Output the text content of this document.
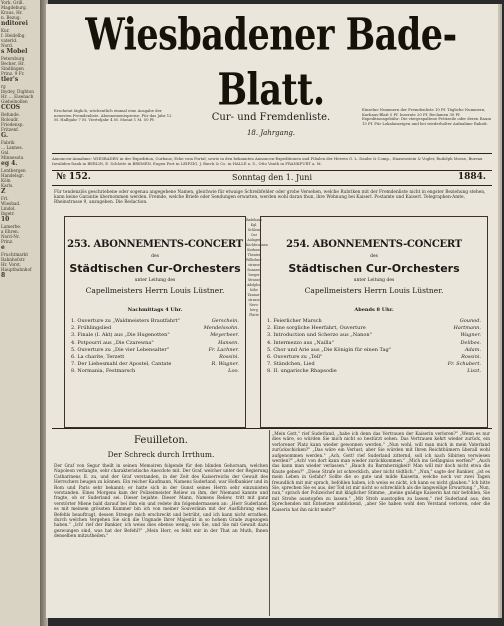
York. Grill.
Magdeburg.
Kraus. Hr.
n. Bezug.
nditorei
Kur.
f. Heidelbg.
vaterld.
Nord.
s Mobel
Petersburg
Becker, Hr.
Sindlingen
Prinz. 9 Fr.
tler's
rg
lbydey, Dighton
Hr. ... Eisenach
Giebelnollen
CCOS
Befunde.
Roloudr.
Friedensp.
Fritzenf.
G.
Fabrik
... Lannes.
Gnl.
Minnesota
eg 4.
Lontbergen
Handelsgr.
Köln
Karls.
Z
Frl.
Wiesbad.
Lindol.
lbgetr.
10
Lamerbe.
a Ehren.
Nord-Nr.
Prinz.
e
Fruchtmarkt
Bahnhofstr.
Hr. Vorst.
Hauptbahnhof
8
Wiesbadener Bade-Blatt.
Erscheint täglich, wöchentlich einmal eine Ausgabe der neuesten Fremdenliste. Abonnementspreise: Für das Jahr 12 M. Halbjahr 7 M. Vierteljahr 4 M. Monat 1 M. 50 Pf.	Cur- und Fremdenliste.
18. Jahrgang.
Einzelne Nummern der Fremdenliste 10 Pf. Tägliche Nummern, Kurhaus-Blatt 5 Pf. Inserate 20 Pf. Reclamen 30 Pf. Expeditionsgebühr: Die viergespaltene Petitzeile oder deren Raum 15 Pf. Für Lokalanzeigen und bei wiederholter Aufnahme Rabatt.
Annoncen-Annahme: WIESBADEN in der Expedition, Curhaus; Ecke vom Portal; sowie in den bekannten Annoncen-Expeditionen und Filialen der Herren G. L. Daube & Comp., Haasenstein & Vogler, Rudolph Mosse, Bureau Invaliden-Dank in BERLIN, E. Schlotte in BREMEN, Eugen Fort in LEIPZIG, J. Barck & Co. in HALLE a. S., Otto Vauth in FRANKFURT a. M.
№ 152.	Sonntag den 1. Juni	1884.
Für tendenziös geschriebene oder sogenau angegebene Namen, gleichwie für etwaige Schreibfehler oder grobe Versehen, welche Rubriken mit der Fremdenliste nicht in engster Beziehung stehen, kann keine Garantie übernommen werden. Fremde, welche Briefe oder Sendungen erwarten, werden wohl daran thun, ihre Wohnung bei Kaiserl. Postamte und Kaiserl. Telegraphen-Amte, Rheinstrasse 9, anzugeben. Die Redaction.
253. ABONNEMENTS-CONCERT
des
Städtischen Cur-Orchesters
unter Leitung des
Capellmeisters Herrn Louis Lüstner.
Nachmittags 4 Uhr.
1. Ouverture zu „Waldmeisters Brautfahrt"	Gerschein.
2. Frühlingslied	Mendelssohn.
3. Finale (I. Akt) aus „Die Hugenotten"	Meyerbeer.
4. Potpourri aus „Die Czarewna"	Hansen.
5. Ouverture zu „Die vier Lebensalter"	Fr. Lachner.
6. La charite, Terzett	Rossini.
7. Der Liebesmahl der Apostel, Cantate	R. Wagner.
8. Normania, Festmarsch	Loo.
Badehaus
Kgl.
Schloss
Cur
Anlagen
Kochbrunnen
Kurhaus
Theater
Wilhelms-
strasse
Sonnen-
berger
Strasse
Adolphs-
höhe
Taunus-
strasse
Nero-
berg
Platte
254. ABONNEMENTS-CONCERT
des
Städtischen Cur-Orchesters
unter Leitung des
Capellmeisters Herrn Louis Lüstner.
Abends 8 Uhr.
1. Feierlicher Marsch	Gounod.
2. Eine sorgliche Heerfahrt, Ouverture	Hartmann.
3. Introduction und Scherzo aus „Nanon"	Wagner.
4. Intermezzo aus „Nailla"	Delibes.
5. Chor und Arie aus „Die Königin für einen Tag"	Adam.
6. Ouverture zu „Tell"	Rossini.
7. Ständchen, Lied	Fr. Schubert.
8. II. ungarische Rhapsodie	Liszt.
Feuilleton.
Der Schreck durch Irrthum.
Der Graf von Segur theilt in seinen Memoiren folgende für den blinden Gehorsam, welchen Napoleon verlangte, sehr charakteristische Anecdote mit. Der Graf, welcher unter der Regierung Catharinens II. zu, und der Graf verstanden, in der Zeit des Kaiserreichs der Gewalt des Herrschers beugen zu können. Ein reicher Kaufmann, Namens Suderland, war Hofbankier und in Rom und Paris sehr bekannt; er hatte sich in der Gunst seines Herrn sehr einzunisten verstanden. Eines Morgens kam der Polizeimeister Reliew zu ihm, der Niemand kannte und fragte, ob er Suderland sei. Dieser bejahte. Dieser Mann, Namens Reliew, tritt mit ganz verstörter Miene bald darauf bei ihm ein und redete ihn folgendermassen an: „Herr Suderland, es mit meinem grössten Kummer bin ich von meiner Souveränin mit der Ausführung eines Befehls beauftragt, dessen Strenge mich erschreckt und betrübt, und ich kann nicht errathen, durch welchen Vergehen Sie sich die Ungnade Ihrer Majestät in so hohem Grade zugezogen haben." „Ich! rief der Bankier, ich weiss dies ebenso wenig, wie Sie, und Sie mit Gewalt dazu gezwungen sind, was hat der Befehl?" „Mein Herr, es fehlt mir in der That an Muth, Ihnen denselben mitzutheilen."
„Mein Gott," rief Suderland, „habe ich denn das Vertrauen der Kaiserin verloren?" „Wenn es nur dies wäre, so würden Sie mich nicht so bestürzt sehen. Das Vertrauen kehrt wieder zurück, ein verlorener Platz kann wieder gewonnen werden." „Nun wohl, will man mich in mein Vaterland zurückschicken?" „Das wäre ein Verlust, aber Sie würden mit Ihren Reichthümern überall wohl aufgenommen werden." „Ach, Gott! rief Suderland zitternd, soll ich nach Sibirien verwiesen werden?" „Ach! von dort kann man wieder zurückkommen." „Mich ins Gefängniss werfen?" „Auch das kann man wieder verlassen." „Bauch du Barmherzigkeit! Man will mir doch nicht etwa die Knute geben?" „Diese Strafe ist schrecklich, aber nicht tödtlich." „Nun," sagte der Bankier, „ist es mein Leben in Gefahr? Sollte die so gute und milde Kaiserin, welche noch vor zwei Tagen freundlich mit mir sprach, befohlen haben, ich weiss es nicht, ich kann es nicht glauben." Ich bitte Sie, sprechen Sie es aus, der Tod ist mir nicht so schrecklich als die langweilige Erwartung." „Nun, nun," sprach der Polizeichef mit kläglicher Stimme, „meine gnädige Kaiserin hat mir befohlen, Sie mit Strohe ausstopfen zu lassen." „Mit Stroh ausstopfen zu lassen," rief Suderland aus, den Sprechenden mit Entsetzen anblickend, „aber Sie haben wohl den Verstand verloren, oder die Kaiserin hat ihn nicht mehr?"
